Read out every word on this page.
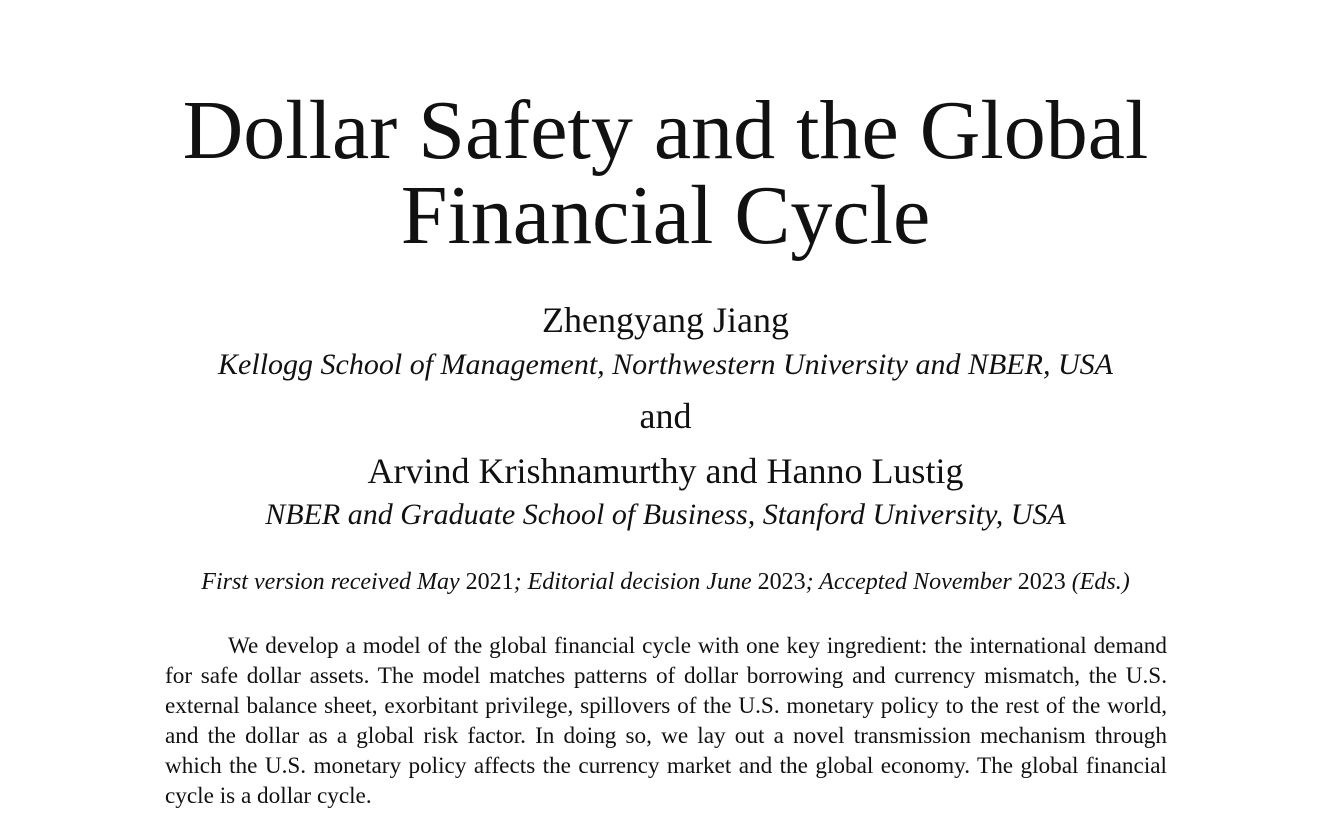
Dollar Safety and the Global
Financial Cycle
Zhengyang Jiang
Kellogg School of Management, Northwestern University and NBER, USA
and
Arvind Krishnamurthy and Hanno Lustig
NBER and Graduate School of Business, Stanford University, USA
First version received May 2021; Editorial decision June 2023; Accepted November 2023 (Eds.)

We develop a model of the global financial cycle with one key ingredient: the international demand for safe dollar assets. The model matches patterns of dollar borrowing and currency mismatch, the U.S. external balance sheet, exorbitant privilege, spillovers of the U.S. monetary policy to the rest of the world, and the dollar as a global risk factor. In doing so, we lay out a novel transmission mechanism through which the U.S. monetary policy affects the currency market and the global economy. The global financial cycle is a dollar cycle.
